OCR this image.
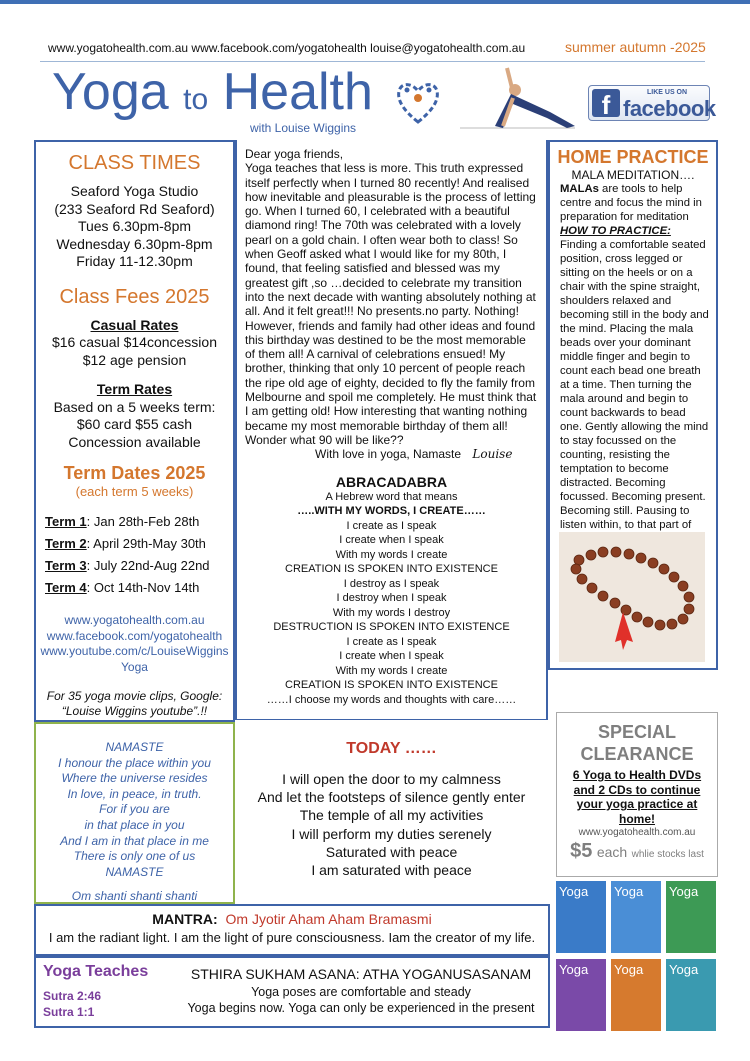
www.yogatohealth.com.au www.facebook.com/yogatohealth louise@yogatohealth.com.au	summer autumn -2025
Yoga to Health
with Louise Wiggins
f	LIKE US ON
facebook
CLASS TIMES
Seaford Yoga Studio
(233 Seaford Rd Seaford)
Tues 6.30pm-8pm
Wednesday 6.30pm-8pm
Friday 11-12.30pm
Class Fees 2025
Casual Rates
$16 casual $14concession
$12 age pension
Term Rates
Based on a 5 weeks term:
$60 card $55 cash
Concession available
Term Dates 2025
(each term 5 weeks)
Term 1: Jan 28th-Feb 28th
Term 2: April 29th-May 30th
Term 3: July 22nd-Aug 22nd
Term 4: Oct 14th-Nov 14th
www.yogatohealth.com.au
www.facebook.com/yogatohealth
www.youtube.com/c/LouiseWiggins
Yoga
For 35 yoga movie clips, Google: “Louise Wiggins youtube”.!!
Dear yoga friends,
Yoga teaches that less is more. This truth expressed itself perfectly when I turned 80 recently! And realised how inevitable and pleasurable is the process of letting go. When I turned 60, I celebrated with a beautiful diamond ring! The 70th was celebrated with a lovely pearl on a gold chain. I often wear both to class! So when Geoff asked what I would like for my 80th, I found, that feeling satisfied and blessed was my greatest gift ,so …decided to celebrate my transition into the next decade with wanting absolutely nothing at all. And it felt great!!! No presents.no party. Nothing! However, friends and family had other ideas and found this birthday was destined to be the most memorable of them all! A carnival of celebrations ensued! My brother, thinking that only 10 percent of people reach the ripe old age of eighty, decided to fly the family from Melbourne and spoil me completely. He must think that I am getting old! How interesting that wanting nothing became my most memorable birthday of them all! Wonder what 90 will be like??
With love in yoga, Namaste Louise
ABRACADABRA
A Hebrew word that means
…..WITH MY WORDS, I CREATE……
I create as I speak
I create when I speak
With my words I create
CREATION IS SPOKEN INTO EXISTENCE
I destroy as I speak
I destroy when I speak
With my words I destroy
DESTRUCTION IS SPOKEN INTO EXISTENCE
I create as I speak
I create when I speak
With my words I create
CREATION IS SPOKEN INTO EXISTENCE
……I choose my words and thoughts with care……
HOME PRACTICE
MALA MEDITATION….
MALAs are tools to help centre and focus the mind in preparation for meditation
HOW TO PRACTICE:
Finding a comfortable seated position, cross legged or sitting on the heels or on a chair with the spine straight, shoulders relaxed and becoming still in the body and the mind. Placing the mala beads over your dominant middle finger and begin to count each bead one breath at a time. Then turning the mala around and begin to count backwards to bead one. Gently allowing the mind to stay focussed on the counting, resisting the temptation to become distracted. Becoming focussed. Becoming present. Becoming still. Pausing to listen within, to that part of
NAMASTE
I honour the place within you
Where the universe resides
In love, in peace, in truth.
For if you are
in that place in you
And I am in that place in me
There is only one of us
NAMASTE
Om shanti shanti shanti
TODAY ……
I will open the door to my calmness
And let the footsteps of silence gently enter
The temple of all my activities
I will perform my duties serenely
Saturated with peace
I am saturated with peace
SPECIAL
CLEARANCE
6 Yoga to Health DVDs and 2 CDs to continue your yoga practice at home!
www.yogatohealth.com.au
$5 each whlie stocks last
Yoga	Yoga	Yoga
Yoga	Yoga	Yoga
MANTRA: Om Jyotir Aham Aham Bramasmi
I am the radiant light. I am the light of pure consciousness. Iam the creator of my life.
Yoga Teaches
Sutra 2:46
Sutra 1:1
STHIRA SUKHAM ASANA: ATHA YOGANUSASANAM
Yoga poses are comfortable and steady
Yoga begins now. Yoga can only be experienced in the present
